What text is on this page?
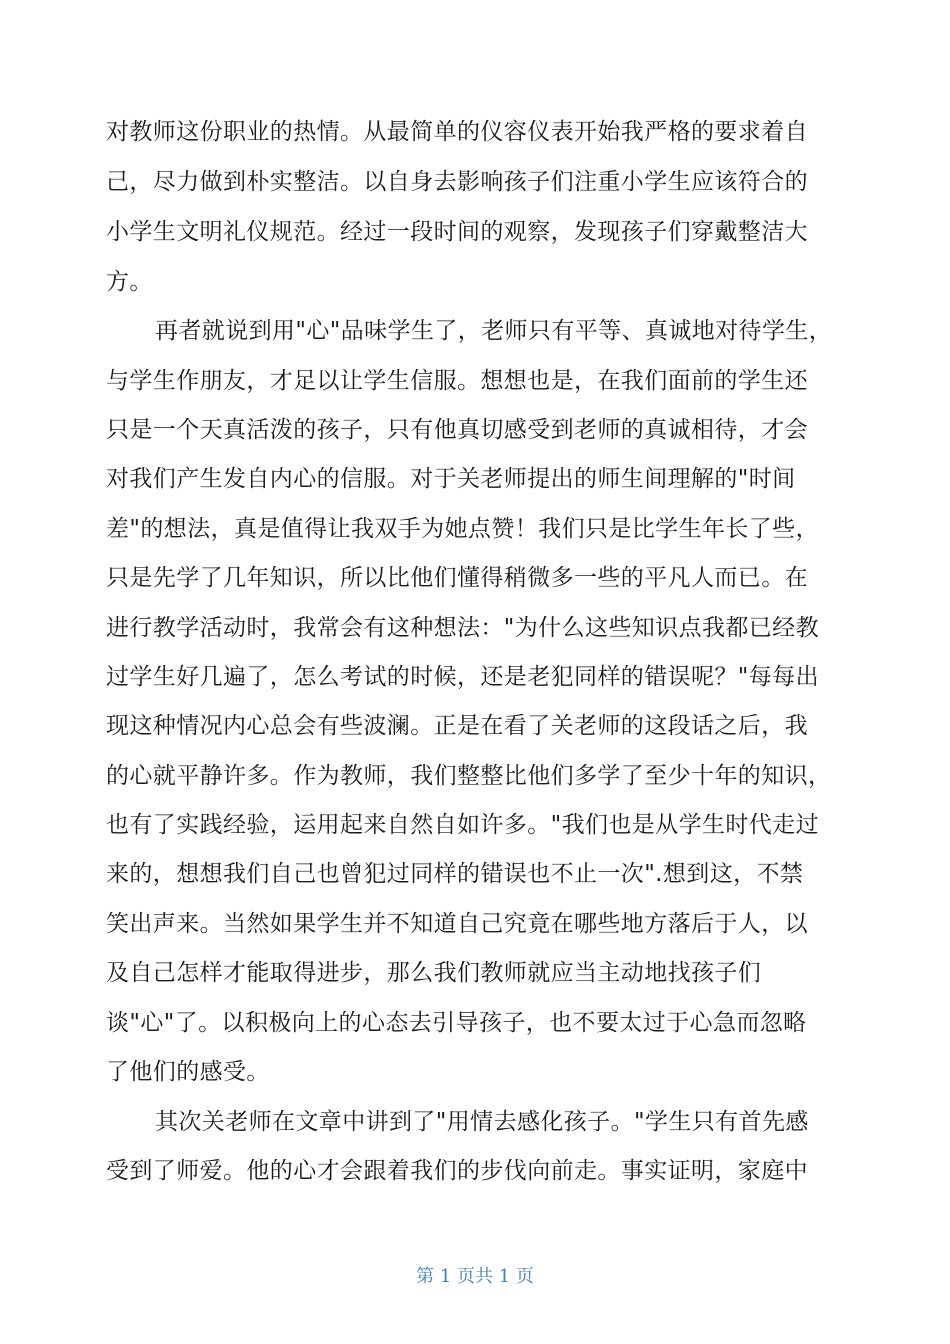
对教师这份职业的热情。从最简单的仪容仪表开始我严格的要求着自
己，尽力做到朴实整洁。以自身去影响孩子们注重小学生应该符合的
小学生文明礼仪规范。经过一段时间的观察，发现孩子们穿戴整洁大
方。
再者就说到用"心"品味学生了，老师只有平等、真诚地对待学生，
与学生作朋友，才足以让学生信服。想想也是，在我们面前的学生还
只是一个天真活泼的孩子，只有他真切感受到老师的真诚相待，才会
对我们产生发自内心的信服。对于关老师提出的师生间理解的"时间
差"的想法，真是值得让我双手为她点赞！我们只是比学生年长了些，
只是先学了几年知识，所以比他们懂得稍微多一些的平凡人而已。在
进行教学活动时，我常会有这种想法："为什么这些知识点我都已经教
过学生好几遍了，怎么考试的时候，还是老犯同样的错误呢？"每每出
现这种情况内心总会有些波澜。正是在看了关老师的这段话之后，我
的心就平静许多。作为教师，我们整整比他们多学了至少十年的知识，
也有了实践经验，运用起来自然自如许多。"我们也是从学生时代走过
来的，想想我们自己也曾犯过同样的错误也不止一次".想到这，不禁
笑出声来。当然如果学生并不知道自己究竟在哪些地方落后于人，以
及自己怎样才能取得进步，那么我们教师就应当主动地找孩子们
谈"心"了。以积极向上的心态去引导孩子，也不要太过于心急而忽略
了他们的感受。
其次关老师在文章中讲到了"用情去感化孩子。"学生只有首先感
受到了师爱。他的心才会跟着我们的步伐向前走。事实证明，家庭中
第 1 页共 1 页
